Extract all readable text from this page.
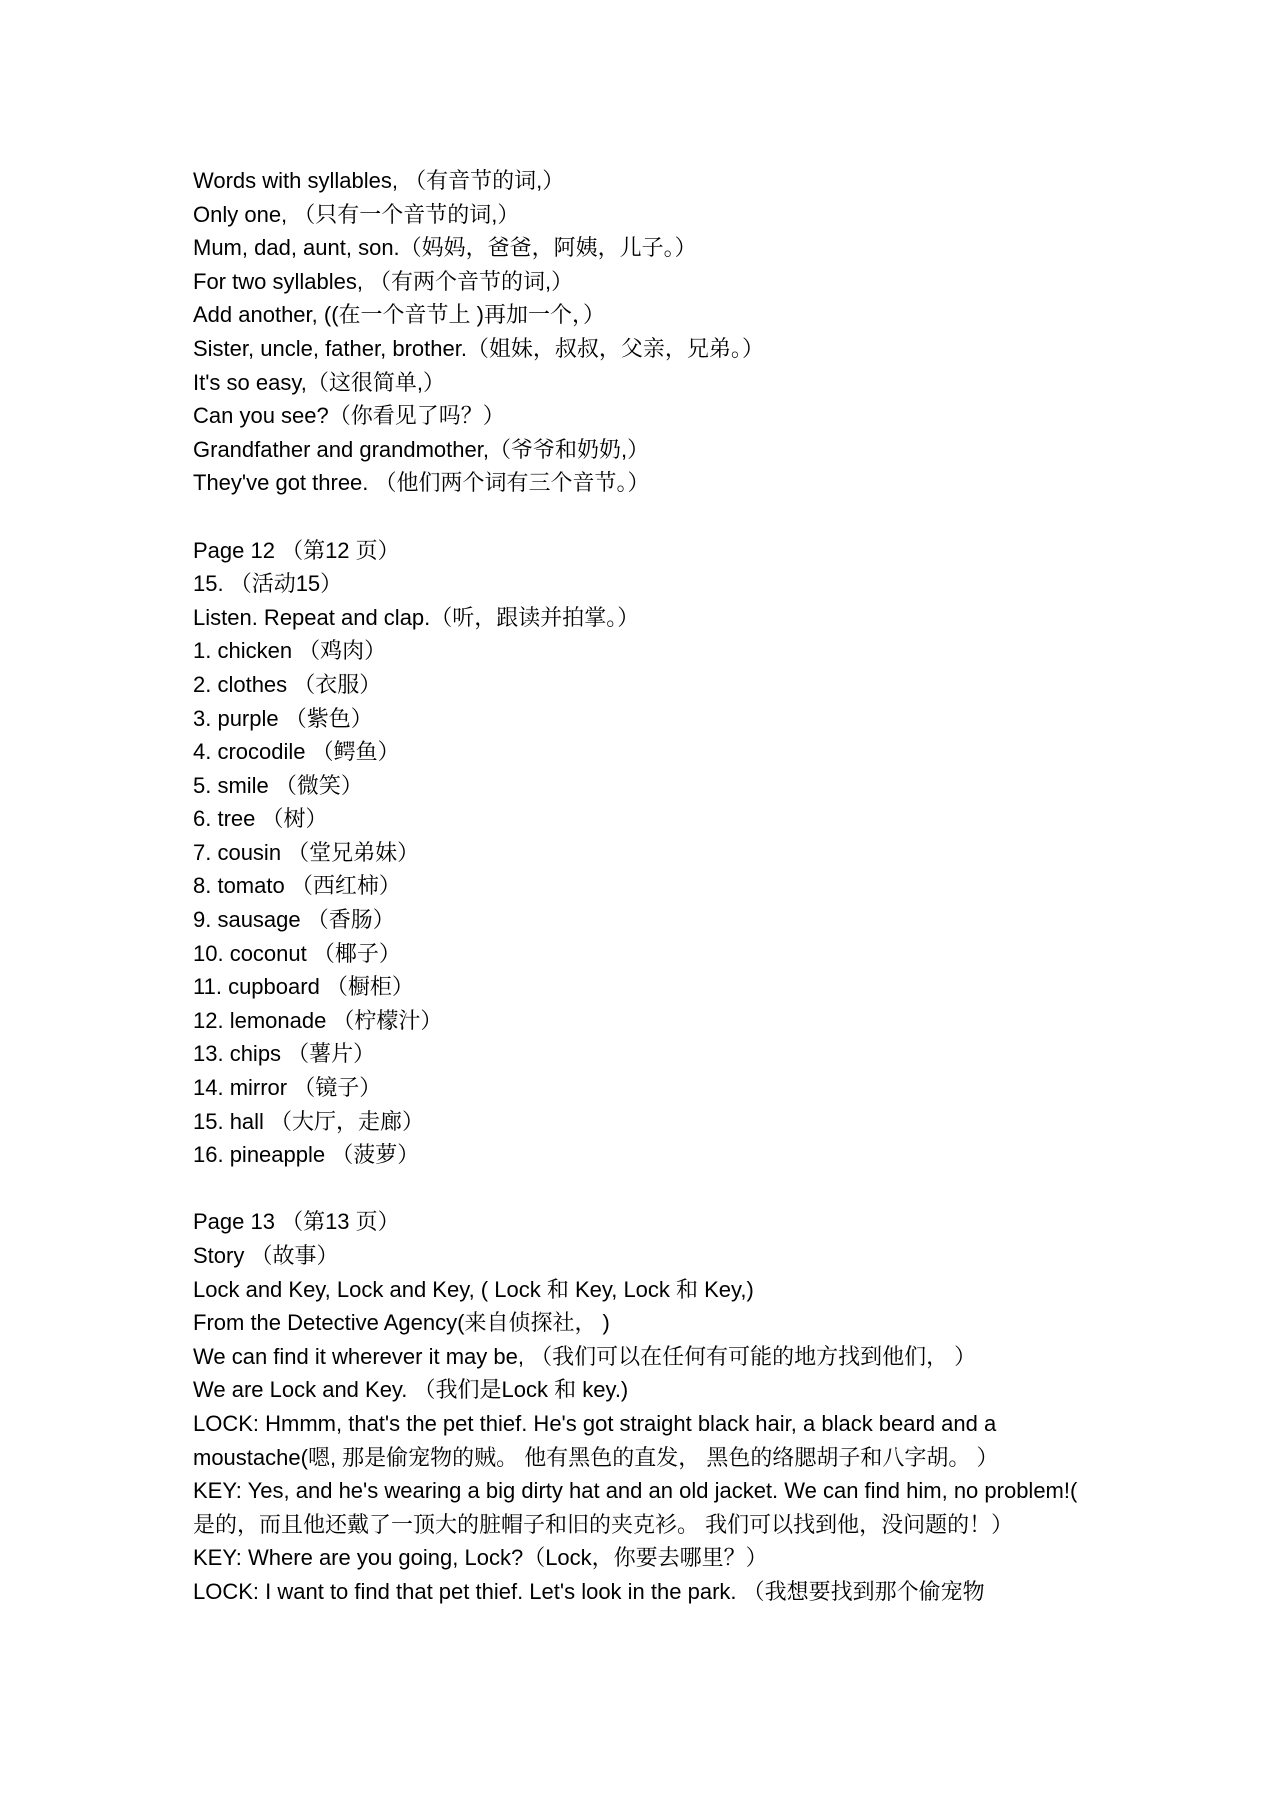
Words with syllables, （有音节的词,）
Only one, （只有一个音节的词,）
Mum, dad, aunt, son.（妈妈，爸爸，阿姨，儿子。）
For two syllables, （有两个音节的词,）
Add another, ((在一个音节上 )再加一个，）
Sister, uncle, father, brother.（姐妹，叔叔，父亲，兄弟。）
It's so easy,（这很简单,）
Can you see?（你看见了吗？）
Grandfather and grandmother,（爷爷和奶奶,）
They've got three. （他们两个词有三个音节。）
Page 12 （第12 页）
15. （活动15）
Listen. Repeat and clap.（听，跟读并拍掌。）
1. chicken （鸡肉）
2. clothes （衣服）
3. purple （紫色）
4. crocodile （鳄鱼）
5. smile （微笑）
6. tree （树）
7. cousin （堂兄弟妹）
8. tomato （西红柿）
9. sausage （香肠）
10. coconut （椰子）
11. cupboard （橱柜）
12. lemonade （柠檬汁）
13. chips （薯片）
14. mirror （镜子）
15. hall （大厅，走廊）
16. pineapple （菠萝）
Page 13 （第13 页）
Story （故事）
Lock and Key, Lock and Key, ( Lock 和 Key, Lock 和 Key,)
From the Detective Agency(来自侦探社， )
We can find it wherever it may be, （我们可以在任何有可能的地方找到他们， ）
We are Lock and Key. （我们是Lock 和 key.)
LOCK: Hmmm, that's the pet thief. He's got straight black hair, a black beard and a moustache(嗯, 那是偷宠物的贼。 他有黑色的直发， 黑色的络腮胡子和八字胡。 ）
KEY: Yes, and he's wearing a big dirty hat and an old jacket. We can find him, no problem!( 是的，而且他还戴了一顶大的脏帽子和旧的夹克衫。 我们可以找到他，没问题的！）
KEY: Where are you going, Lock?（Lock，你要去哪里？）
LOCK: I want to find that pet thief. Let's look in the park. （我想要找到那个偷宠物
